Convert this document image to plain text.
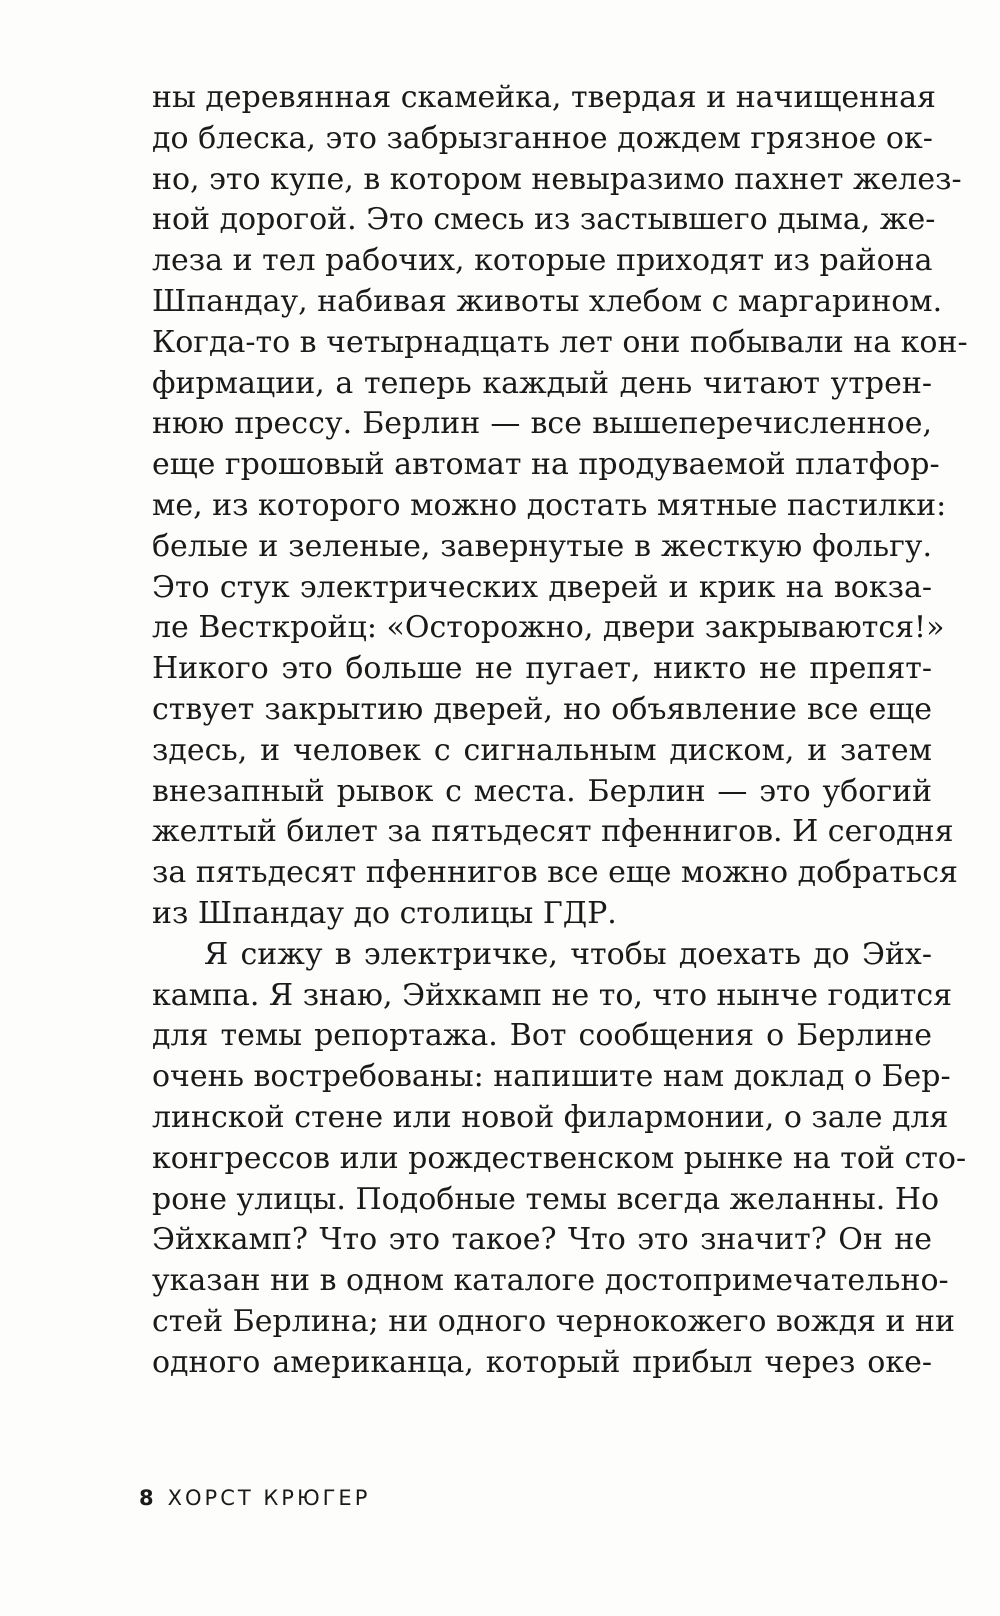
ны деревянная скамейка, твердая и начищенная
до блеска, это забрызганное дождем грязное ок-
но, это купе, в котором невыразимо пахнет желез-
ной дорогой. Это смесь из застывшего дыма, же-
леза и тел рабочих, которые приходят из района
Шпандау, набивая животы хлебом с маргарином.
Когда-то в четырнадцать лет они побывали на кон-
фирмации, а теперь каждый день читают утрен-
нюю прессу. Берлин — все вышеперечисленное,
еще грошовый автомат на продуваемой платфор-
ме, из которого можно достать мятные пастилки:
белые и зеленые, завернутые в жесткую фольгу.
Это стук электрических дверей и крик на вокза-
ле Весткройц: «Осторожно, двери закрываются!»
Никого это больше не пугает, никто не препят-
ствует закрытию дверей, но объявление все еще
здесь, и человек с сигнальным диском, и затем
внезапный рывок с места. Берлин — это убогий
желтый билет за пятьдесят пфеннигов. И сегодня
за пятьдесят пфеннигов все еще можно добраться
из Шпандау до столицы ГДР.
Я сижу в электричке, чтобы доехать до Эйх-
кампа. Я знаю, Эйхкамп не то, что нынче годится
для темы репортажа. Вот сообщения о Берлине
очень востребованы: напишите нам доклад о Бер-
линской стене или новой филармонии, о зале для
конгрессов или рождественском рынке на той сто-
роне улицы. Подобные темы всегда желанны. Но
Эйхкамп? Что это такое? Что это значит? Он не
указан ни в одном каталоге достопримечательно-
стей Берлина; ни одного чернокожего вождя и ни
одного американца, который прибыл через оке-
8 ХОРСТ КРЮГЕР
